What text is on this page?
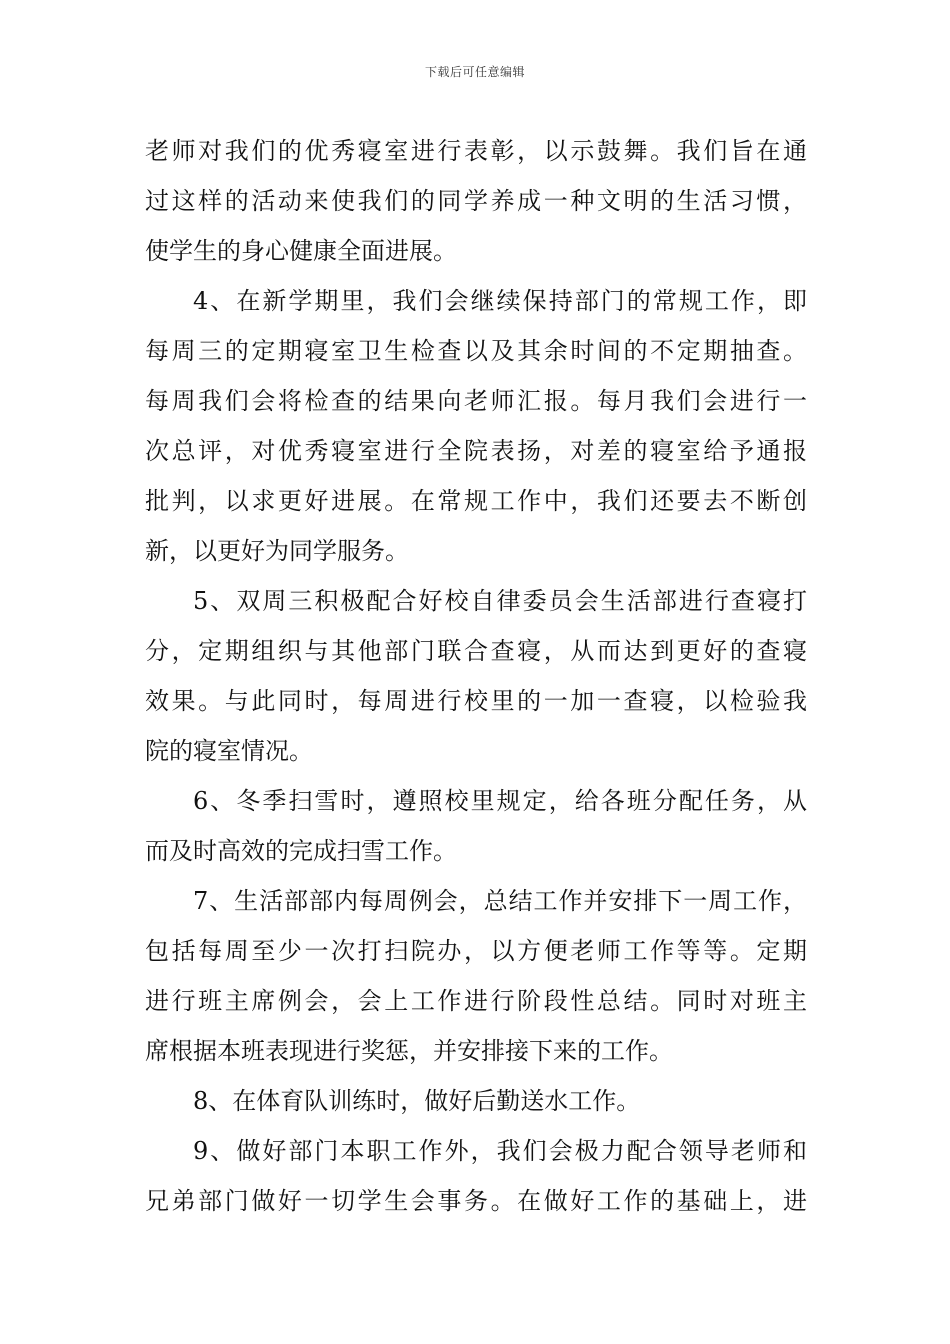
下载后可任意编辑
老师对我们的优秀寝室进行表彰，以示鼓舞。我们旨在通
过这样的活动来使我们的同学养成一种文明的生活习惯，
使学生的身心健康全面进展。
4、在新学期里，我们会继续保持部门的常规工作，即
每周三的定期寝室卫生检查以及其余时间的不定期抽查。
每周我们会将检查的结果向老师汇报。每月我们会进行一
次总评，对优秀寝室进行全院表扬，对差的寝室给予通报
批判，以求更好进展。在常规工作中，我们还要去不断创
新，以更好为同学服务。
5、双周三积极配合好校自律委员会生活部进行查寝打
分，定期组织与其他部门联合查寝，从而达到更好的查寝
效果。与此同时，每周进行校里的一加一查寝，以检验我
院的寝室情况。
6、冬季扫雪时，遵照校里规定，给各班分配任务，从
而及时高效的完成扫雪工作。
7、生活部部内每周例会，总结工作并安排下一周工作，
包括每周至少一次打扫院办，以方便老师工作等等。定期
进行班主席例会，会上工作进行阶段性总结。同时对班主
席根据本班表现进行奖惩，并安排接下来的工作。
8、在体育队训练时，做好后勤送水工作。
9、做好部门本职工作外，我们会极力配合领导老师和
兄弟部门做好一切学生会事务。在做好工作的基础上，进
